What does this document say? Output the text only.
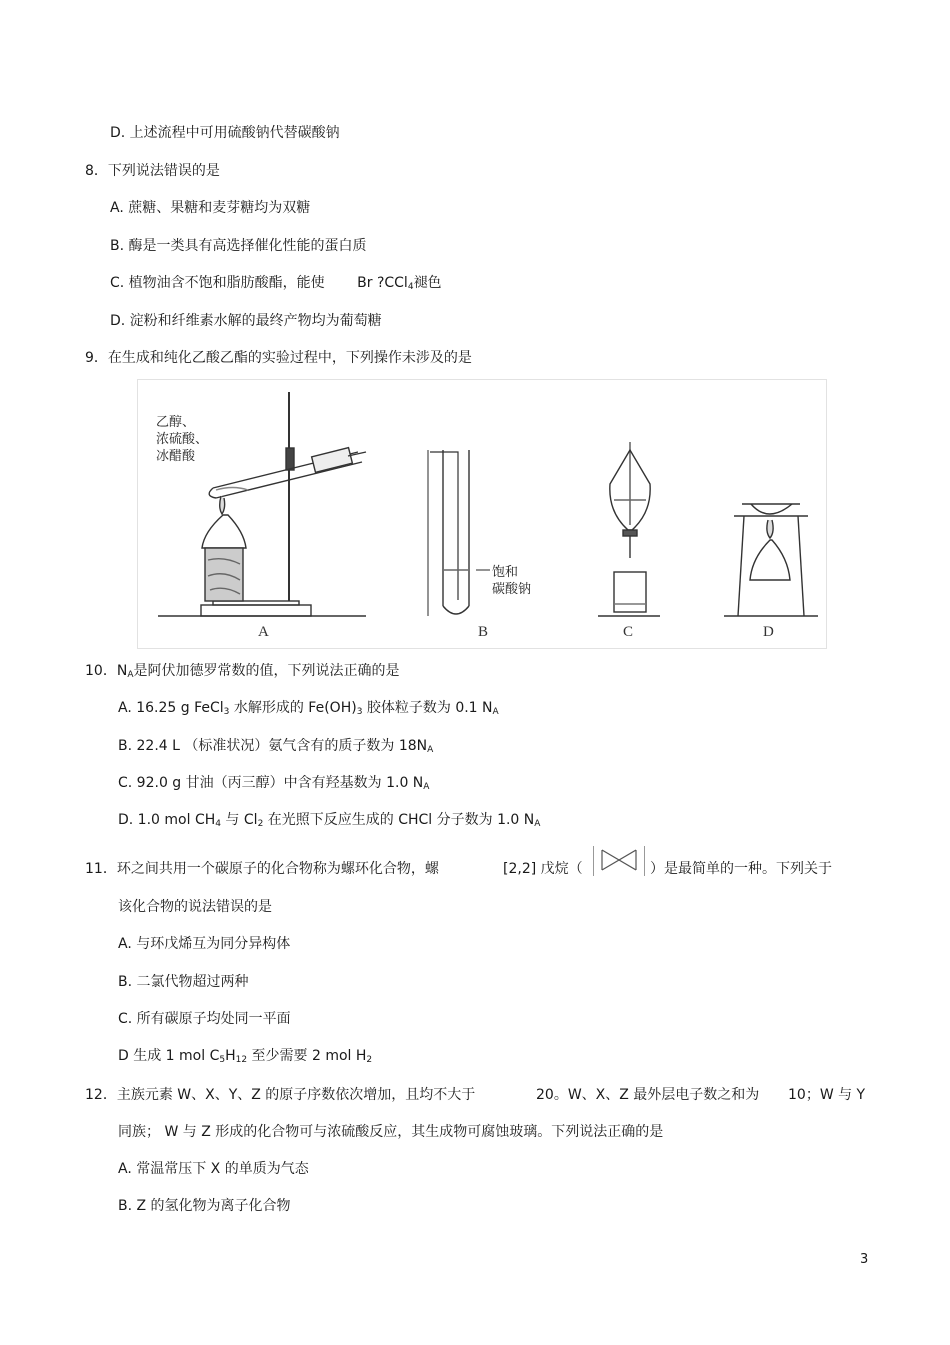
D. 上述流程中可用硫酸钠代替碳酸钠
8．下列说法错误的是
A. 蔗糖、果糖和麦芽糖均为双糖
B. 酶是一类具有高选择催化性能的蛋白质
C. 植物油含不饱和脂肪酸酯，能使 Br ?CCl$_4$褪色
D. 淀粉和纤维素水解的最终产物均为葡萄糖
9．在生成和纯化乙酸乙酯的实验过程中，下列操作未涉及的是
乙醇、
浓硫酸、
冰醋酸
饱和
碳酸钠
A	B	C	D
10．$N_A$是阿伏加德罗常数的值，下列说法正确的是
A. 16.25 g FeCl$_3$ 水解形成的 $Fe(OH)_3$ 胶体粒子数为 0.1 $N_A$
B. 22.4 L （标准状况）氨气含有的质子数为 $18N_A$
C. 92.0 g 甘油（丙三醇）中含有羟基数为 1.0 $N_A$
D. 1.0 mol $CH_4$ 与 $Cl_2$ 在光照下反应生成的 CHCl 分子数为 1.0 $N_A$
11．环之间共用一个碳原子的化合物称为螺环化合物，螺	[2,2] 戊烷（	）是最简单的一种。下列关于
该化合物的说法错误的是
A. 与环戊烯互为同分异构体
B. 二氯代物超过两种
C. 所有碳原子均处同一平面
D 生成 1 mol $C_5H_{12}$ 至少需要 2 mol $H_2$
12．主族元素 W、X、Y、Z 的原子序数依次增加，且均不大于	20。W、X、Z 最外层电子数之和为 10；W 与 Y
同族； W 与 Z 形成的化合物可与浓硫酸反应，其生成物可腐蚀玻璃。下列说法正确的是
A. 常温常压下 X 的单质为气态
B. Z 的氢化物为离子化合物
3
